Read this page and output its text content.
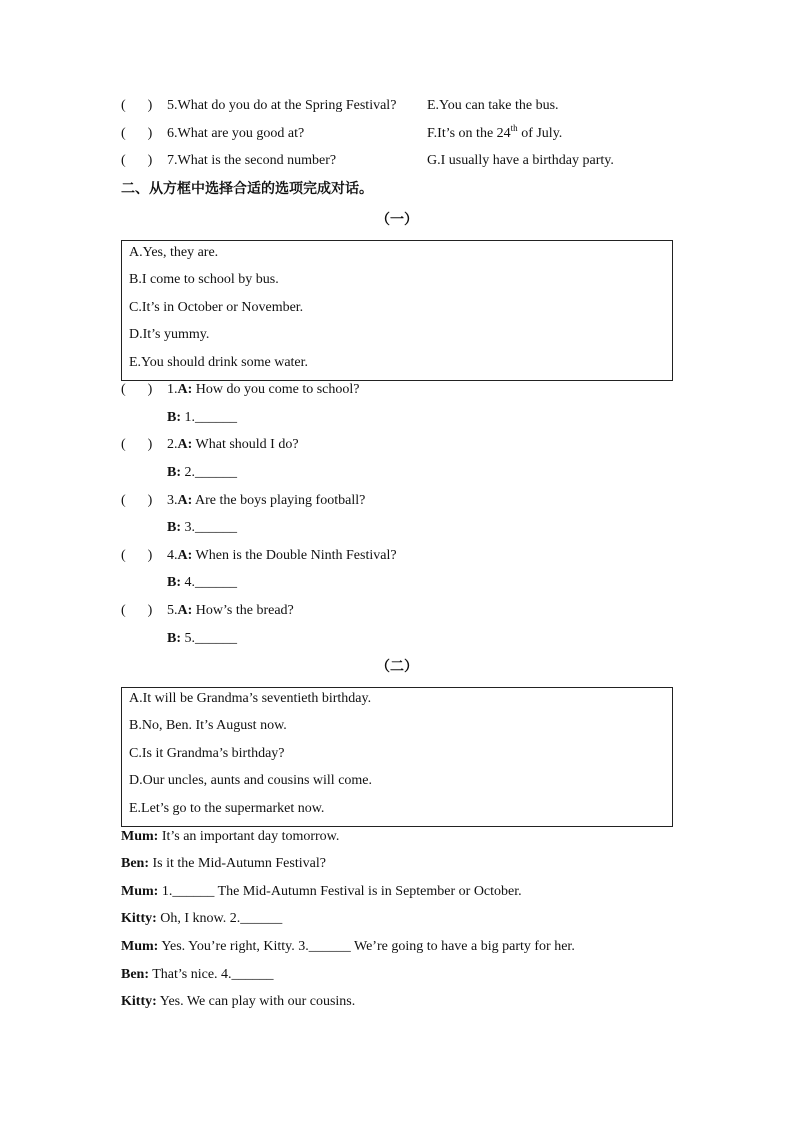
( ) 5.What do you do at the Spring Festival? E.You can take the bus.
( ) 6.What are you good at?	F.It’s on the 24th of July.
( ) 7.What is the second number?	G.I usually have a birthday party.
二、从方框中选择合适的选项完成对话。
（一）
A.Yes, they are.
B.I come to school by bus.
C.It’s in October or November.
D.It’s yummy.
E.You should drink some water.
( ) 1.A: How do you come to school?
B: 1.______
( ) 2.A: What should I do?
B: 2.______
( ) 3.A: Are the boys playing football?
B: 3.______
( ) 4.A: When is the Double Ninth Festival?
B: 4.______
( ) 5.A: How’s the bread?
B: 5.______
（二）
A.It will be Grandma’s seventieth birthday.
B.No, Ben. It’s August now.
C.Is it Grandma’s birthday?
D.Our uncles, aunts and cousins will come.
E.Let’s go to the supermarket now.
Mum: It’s an important day tomorrow.
Ben: Is it the Mid-Autumn Festival?
Mum: 1.______ The Mid-Autumn Festival is in September or October.
Kitty: Oh, I know. 2.______
Mum: Yes. You’re right, Kitty. 3.______ We’re going to have a big party for her.
Ben: That’s nice. 4.______
Kitty: Yes. We can play with our cousins.
